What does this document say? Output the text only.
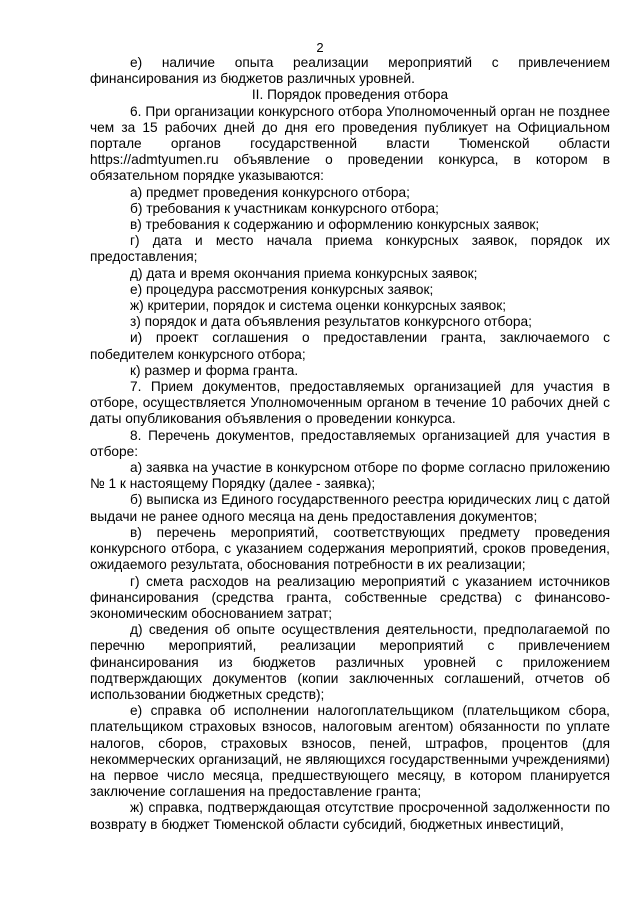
2

е) наличие опыта реализации мероприятий с привлечением финансирования из бюджетов различных уровней.

II. Порядок проведения отбора

6. При организации конкурсного отбора Уполномоченный орган не позднее чем за 15 рабочих дней до дня его проведения публикует на Официальном портале органов государственной власти Тюменской области https://admtyumen.ru объявление о проведении конкурса, в котором в обязательном порядке указываются:

а) предмет проведения конкурсного отбора;

б) требования к участникам конкурсного отбора;

в) требования к содержанию и оформлению конкурсных заявок;

г) дата и место начала приема конкурсных заявок, порядок их предоставления;

д) дата и время окончания приема конкурсных заявок;

е) процедура рассмотрения конкурсных заявок;

ж) критерии, порядок и система оценки конкурсных заявок;

з) порядок и дата объявления результатов конкурсного отбора;

и) проект соглашения о предоставлении гранта, заключаемого с победителем конкурсного отбора;

к) размер и форма гранта.

7. Прием документов, предоставляемых организацией для участия в отборе, осуществляется Уполномоченным органом в течение 10 рабочих дней с даты опубликования объявления о проведении конкурса.

8. Перечень документов, предоставляемых организацией для участия в отборе:

а) заявка на участие в конкурсном отборе по форме согласно приложению № 1 к настоящему Порядку (далее - заявка);

б) выписка из Единого государственного реестра юридических лиц с датой выдачи не ранее одного месяца на день предоставления документов;

в) перечень мероприятий, соответствующих предмету проведения конкурсного отбора, с указанием содержания мероприятий, сроков проведения, ожидаемого результата, обоснования потребности в их реализации;

г) смета расходов на реализацию мероприятий с указанием источников финансирования (средства гранта, собственные средства) с финансово-экономическим обоснованием затрат;

д) сведения об опыте осуществления деятельности, предполагаемой по перечню мероприятий, реализации мероприятий с привлечением финансирования из бюджетов различных уровней с приложением подтверждающих документов (копии заключенных соглашений, отчетов об использовании бюджетных средств);

е) справка об исполнении налогоплательщиком (плательщиком сбора, плательщиком страховых взносов, налоговым агентом) обязанности по уплате налогов, сборов, страховых взносов, пеней, штрафов, процентов (для некоммерческих организаций, не являющихся государственными учреждениями) на первое число месяца, предшествующего месяцу, в котором планируется заключение соглашения на предоставление гранта;

ж) справка, подтверждающая отсутствие просроченной задолженности по возврату в бюджет Тюменской области субсидий, бюджетных инвестиций,
